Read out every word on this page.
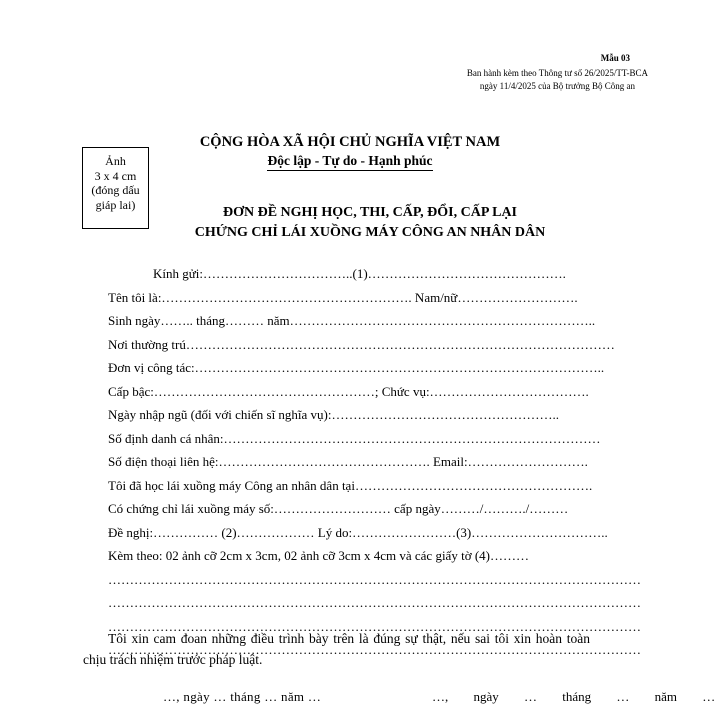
Mẫu 03
Ban hành kèm theo Thông tư số 26/2025/TT-BCA
ngày 11/4/2025 của Bộ trưởng Bộ Công an
CỘNG HÒA XÃ HỘI CHỦ NGHĨA VIỆT NAM
Độc lập - Tự do - Hạnh phúc
Ảnh
3 x 4 cm
(đóng dấu
giáp lai)
ĐƠN ĐỀ NGHỊ HỌC, THI, CẤP, ĐỔI, CẤP LẠI
CHỨNG CHỈ LÁI XUỒNG MÁY CÔNG AN NHÂN DÂN
Kính gửi:……………………………..(1)……………………………………….
Tên tôi là:…………………………………………………. Nam/nữ……………………….
Sinh ngày…….. tháng……… năm……………………………………………………………..
Nơi thường trú………………………………………………………………………………………
Đơn vị công tác:…………………………………………………………………………………..
Cấp bậc:……………………………………………; Chức vụ:……………………………….
Ngày nhập ngũ (đối với chiến sĩ nghĩa vụ):……………………………………………..
Số định danh cá nhân:……………………………………………………………………………
Số điện thoại liên hệ:…………………………………………. Email:……………………….
Tôi đã học lái xuồng máy Công an nhân dân tại……………………………………………….
Có chứng chỉ lái xuồng máy số:……………………… cấp ngày………/………./………
Đề nghị:…………… (2)……………… Lý do:……………………(3)…………………………..
Kèm theo: 02 ảnh cỡ 2cm x 3cm, 02 ảnh cỡ 3cm x 4cm và các giấy tờ (4)………
……………………………………………………………………………………………………………
……………………………………………………………………………………………………………
……………………………………………………………………………………………………………
……………………………………………………………………………………………………………
Tôi xin cam đoan những điều trình bày trên là đúng sự thật, nếu sai tôi xin hoàn toàn chịu trách nhiệm trước pháp luật.
…, ngày … tháng … năm …	…, ngày … tháng … năm …
